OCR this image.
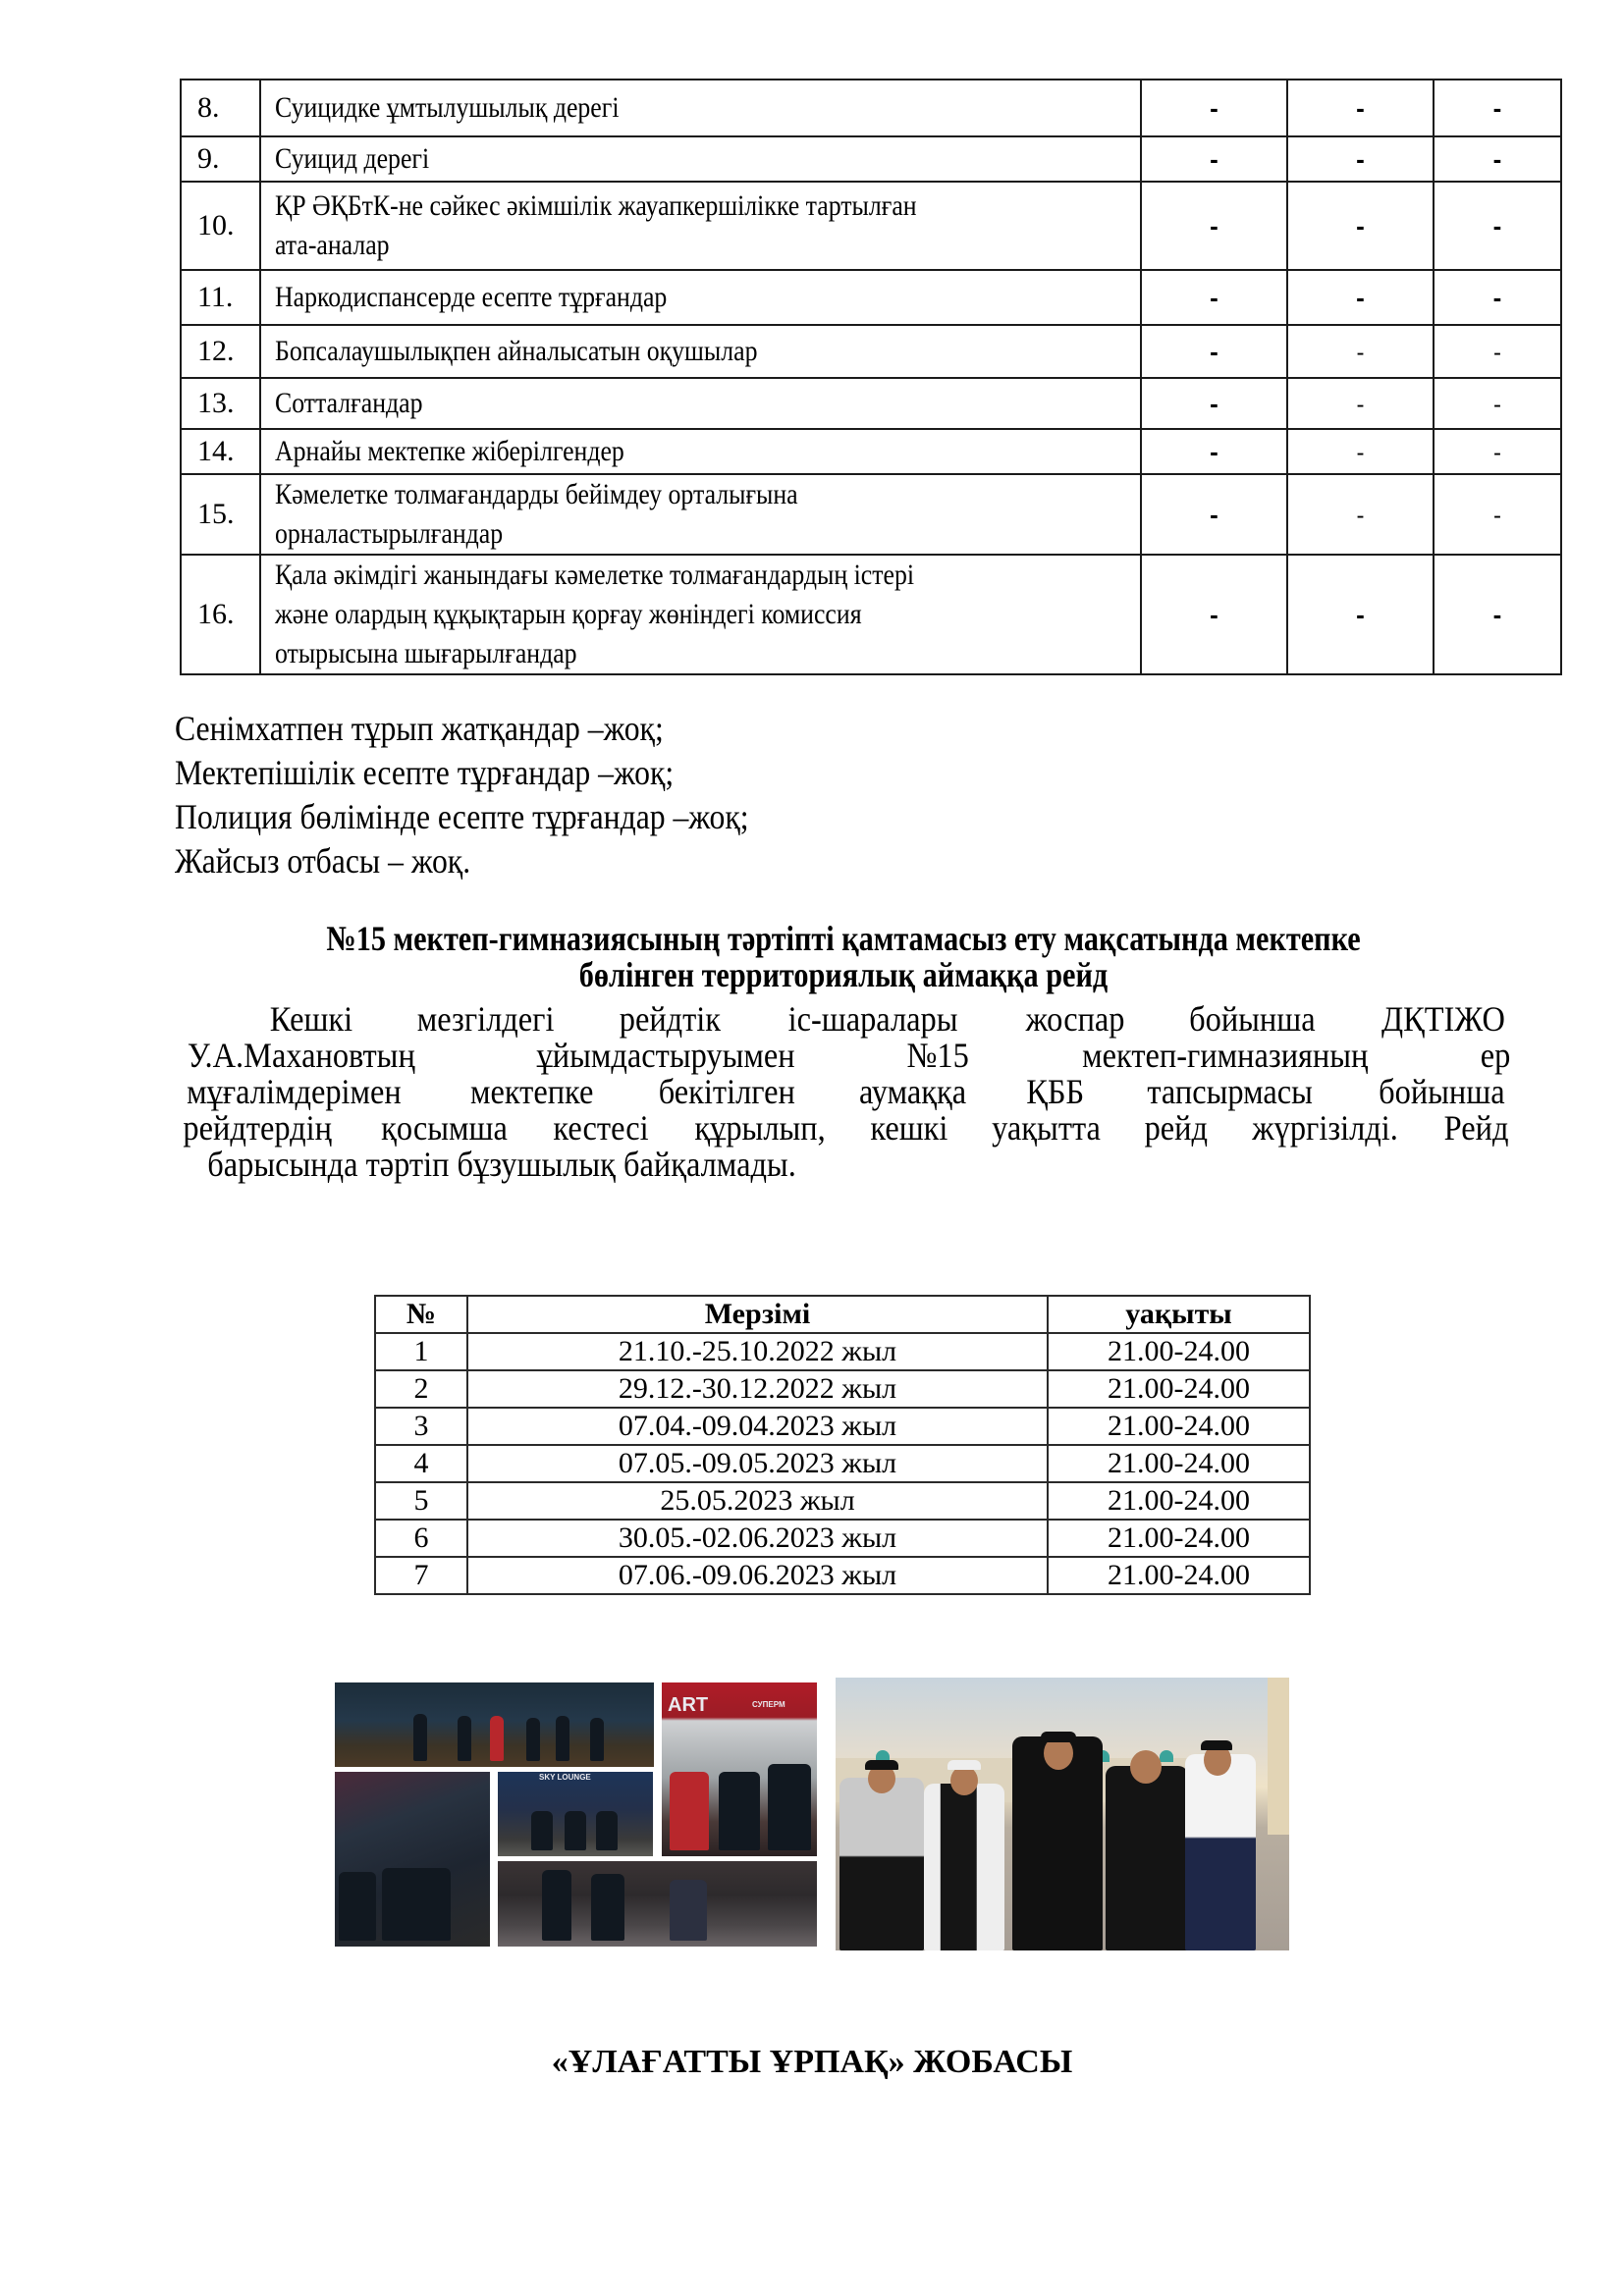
8.	Суицидке ұмтылушылық дерегі	-	-	-
9.	Суицид дерегі	-	-	-
10.	ҚР ӘҚБтК-не сәйкес әкімшілік жауапкершілікке тартылған
ата-аналар	-	-	-
11.	Наркодиспансерде есепте тұрғандар	-	-	-
12.	Бопсалаушылықпен айналысатын оқушылар	-	-	-
13.	Сотталғандар	-	-	-
14.	Арнайы мектепке жіберілгендер	-	-	-
15.	Кәмелетке толмағандарды бейімдеу орталығына
орналастырылғандар	-	-	-
16.	Қала әкімдігі жанындағы кәмелетке толмағандардың істері
және олардың құқықтарын қорғау жөніндегі комиссия
отырысына шығарылғандар	-	-	-
Сенімхатпен тұрып жатқандар –жоқ;
Мектепішілік есепте тұрғандар –жоқ;
Полиция бөлімінде есепте тұрғандар –жоқ;
Жайсыз отбасы – жоқ.
№15 мектеп-гимназиясының тәртіпті қамтамасыз ету мақсатында мектепке
бөлінген территориялық аймаққа рейд
Кешкі мезгілдегі рейдтік іс-шаралары жоспар бойынша ДҚТІЖО
У.А.Махановтың	ұйымдастыруымен	№15	мектеп-гимназияның	ер
мұғалімдерімен мектепке бекітілген аумаққа ҚББ тапсырмасы бойынша
рейдтердің қосымша кестесі құрылып, кешкі уақытта рейд жүргізілді. Рейд
барысында тәртіп бұзушылық байқалмады.
№	Мерзімі	уақыты
1	21.10.-25.10.2022 жыл	21.00-24.00
2	29.12.-30.12.2022 жыл	21.00-24.00
3	07.04.-09.04.2023 жыл	21.00-24.00
4	07.05.-09.05.2023 жыл	21.00-24.00
5	25.05.2023 жыл	21.00-24.00
6	30.05.-02.06.2023 жыл	21.00-24.00
7	07.06.-09.06.2023 жыл	21.00-24.00
ART	СУПЕРМ
SKY LOUNGE
«ҰЛАҒАТТЫ ҰРПАҚ» ЖОБАСЫ
